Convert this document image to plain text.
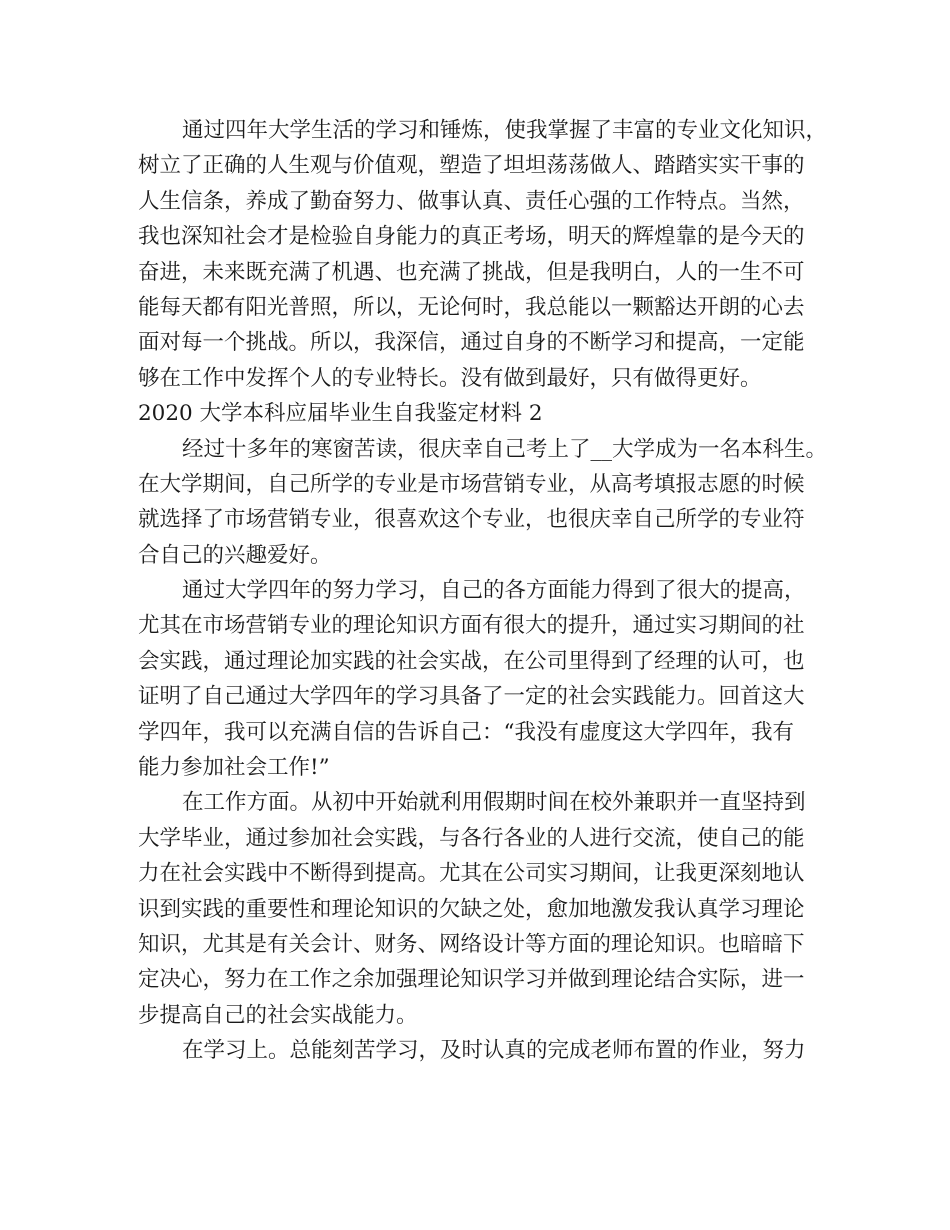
通过四年大学生活的学习和锤炼，使我掌握了丰富的专业文化知识，
树立了正确的人生观与价值观，塑造了坦坦荡荡做人、踏踏实实干事的
人生信条，养成了勤奋努力、做事认真、责任心强的工作特点。当然，
我也深知社会才是检验自身能力的真正考场，明天的辉煌靠的是今天的
奋进，未来既充满了机遇、也充满了挑战，但是我明白，人的一生不可
能每天都有阳光普照，所以，无论何时，我总能以一颗豁达开朗的心去
面对每一个挑战。所以，我深信，通过自身的不断学习和提高，一定能
够在工作中发挥个人的专业特长。没有做到最好，只有做得更好。
2020 大学本科应届毕业生自我鉴定材料 2
经过十多年的寒窗苦读，很庆幸自己考上了__大学成为一名本科生。
在大学期间，自己所学的专业是市场营销专业，从高考填报志愿的时候
就选择了市场营销专业，很喜欢这个专业，也很庆幸自己所学的专业符
合自己的兴趣爱好。
通过大学四年的努力学习，自己的各方面能力得到了很大的提高，
尤其在市场营销专业的理论知识方面有很大的提升，通过实习期间的社
会实践，通过理论加实践的社会实战，在公司里得到了经理的认可，也
证明了自己通过大学四年的学习具备了一定的社会实践能力。回首这大
学四年，我可以充满自信的告诉自己：“我没有虚度这大学四年，我有
能力参加社会工作!”
在工作方面。从初中开始就利用假期时间在校外兼职并一直坚持到
大学毕业，通过参加社会实践，与各行各业的人进行交流，使自己的能
力在社会实践中不断得到提高。尤其在公司实习期间，让我更深刻地认
识到实践的重要性和理论知识的欠缺之处，愈加地激发我认真学习理论
知识，尤其是有关会计、财务、网络设计等方面的理论知识。也暗暗下
定决心，努力在工作之余加强理论知识学习并做到理论结合实际，进一
步提高自己的社会实战能力。
在学习上。总能刻苦学习，及时认真的完成老师布置的作业，努力
